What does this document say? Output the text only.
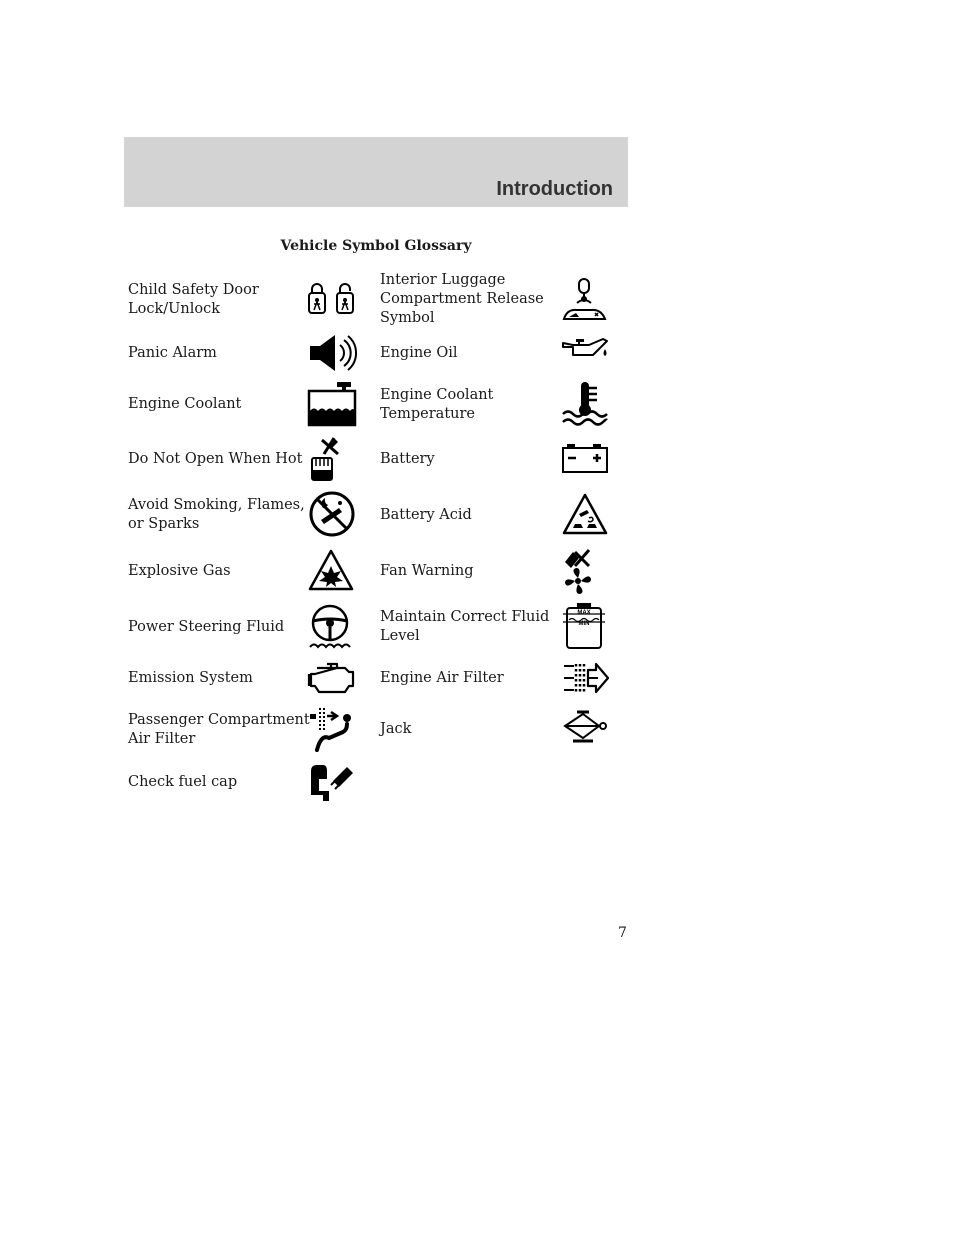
Introduction
Vehicle Symbol Glossary
Child Safety Door
Lock/Unlock
Panic Alarm
Engine Coolant
Do Not Open When Hot
Avoid Smoking, Flames,
or Sparks
Explosive Gas
Power Steering Fluid
Emission System
Passenger Compartment
Air Filter
Check fuel cap
Interior Luggage
Compartment Release
Symbol
Engine Oil
Engine Coolant
Temperature
Battery
Battery Acid
Fan Warning
Maintain Correct Fluid
Level
MAX
MIN
Engine Air Filter
Jack
7
